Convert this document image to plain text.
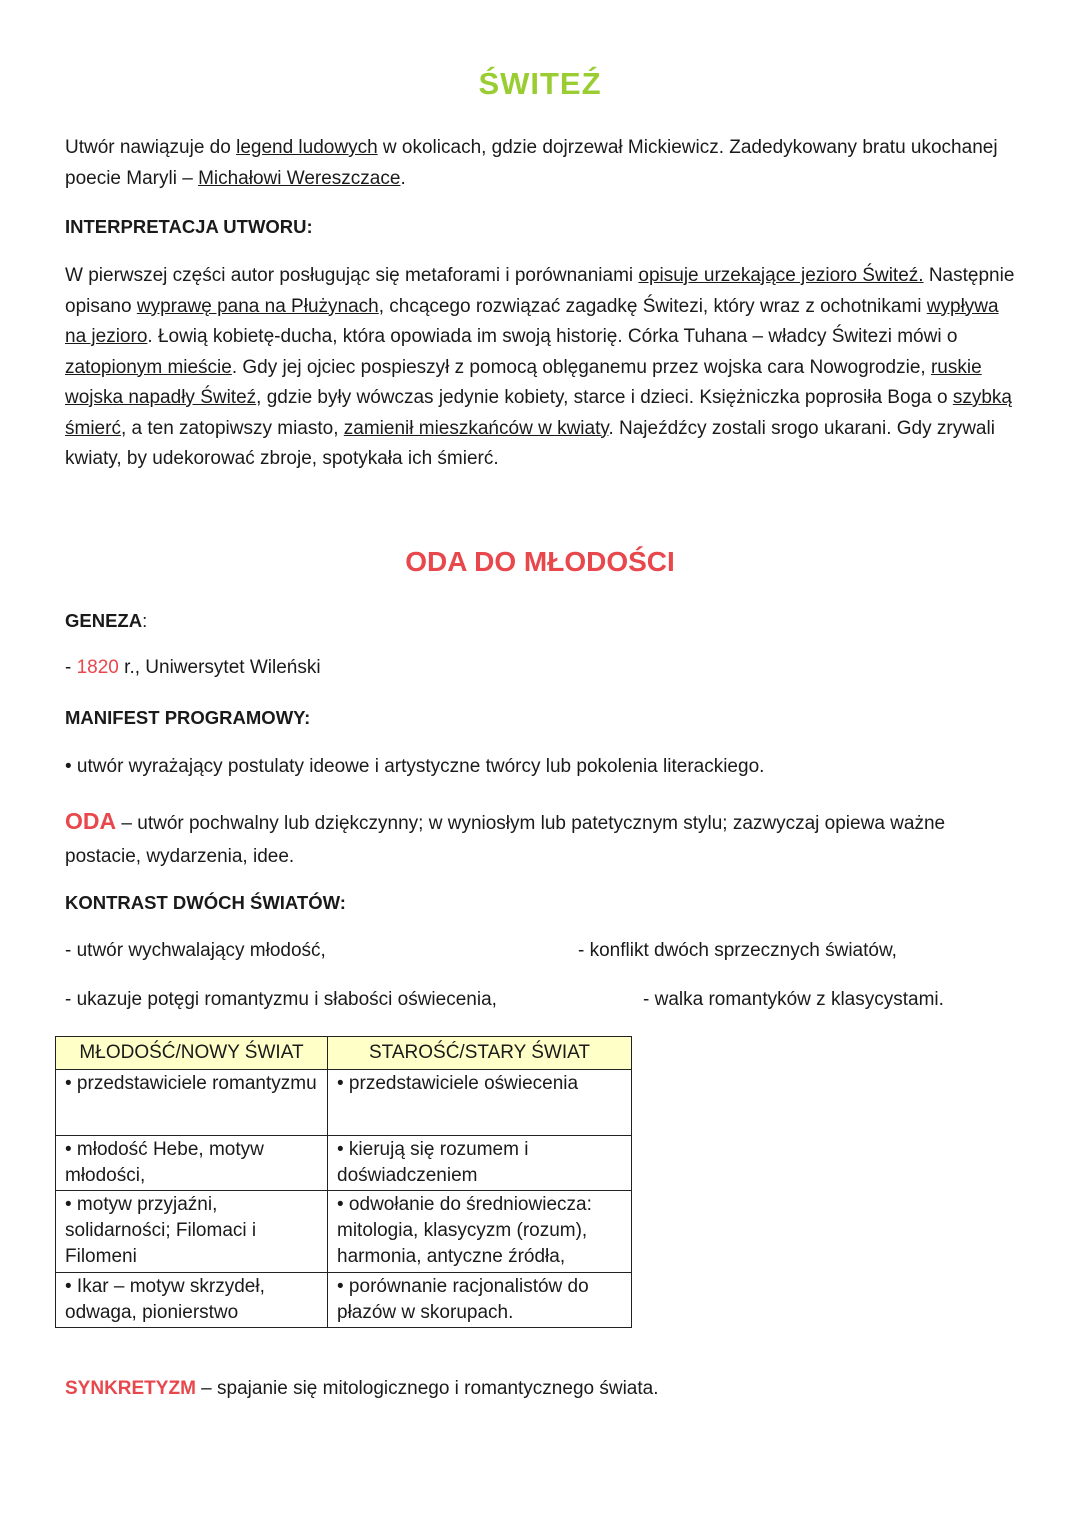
ŚWITEŹ

Utwór nawiązuje do legend ludowych w okolicach, gdzie dojrzewał Mickiewicz. Zadedykowany bratu ukochanej poecie Maryli – Michałowi Wereszczace.

INTERPRETACJA UTWORU:

W pierwszej części autor posługując się metaforami i porównaniami opisuje urzekające jezioro Świteź. Następnie opisano wyprawę pana na Płużynach, chcącego rozwiązać zagadkę Świtezi, który wraz z ochotnikami wypływa na jezioro. Łowią kobietę-ducha, która opowiada im swoją historię. Córka Tuhana – władcy Świtezi mówi o zatopionym mieście. Gdy jej ojciec pospieszył z pomocą oblęganemu przez wojska cara Nowogrodzie, ruskie wojska napadły Świteź, gdzie były wówczas jedynie kobiety, starce i dzieci. Księżniczka poprosiła Boga o szybką śmierć, a ten zatopiwszy miasto, zamienił mieszkańców w kwiaty. Najeźdźcy zostali srogo ukarani. Gdy zrywali kwiaty, by udekorować zbroje, spotykała ich śmierć.

ODA DO MŁODOŚCI

GENEZA:

- 1820 r., Uniwersytet Wileński

MANIFEST PROGRAMOWY:

• utwór wyrażający postulaty ideowe i artystyczne twórcy lub pokolenia literackiego.

ODA – utwór pochwalny lub dziękczynny; w wyniosłym lub patetycznym stylu; zazwyczaj opiewa ważne postacie, wydarzenia, idee.

KONTRAST DWÓCH ŚWIATÓW:

- utwór wychwalający młodość,	- konflikt dwóch sprzecznych światów,

- ukazuje potęgi romantyzmu i słabości oświecenia,	- walka romantyków z klasycystami.

MŁODOŚĆ/NOWY ŚWIAT	STAROŚĆ/STARY ŚWIAT
• przedstawiciele romantyzmu	• przedstawiciele oświecenia
• młodość Hebe, motyw młodości,	• kierują się rozumem i doświadczeniem
• motyw przyjaźni, solidarności; Filomaci i Filomeni	• odwołanie do średniowiecza: mitologia, klasycyzm (rozum), harmonia, antyczne źródła,
• Ikar – motyw skrzydeł, odwaga, pionierstwo	• porównanie racjonalistów do płazów w skorupach.

SYNKRETYZM – spajanie się mitologicznego i romantycznego świata.
